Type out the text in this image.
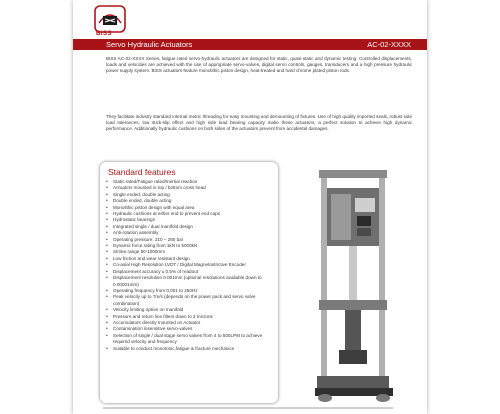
BISS
Servo Hydraulic Actuators	AC-02-XXXX
BISS AC-02-XXXX Series, fatigue rated servo-hydraulic actuators are designed for static, quasi-static and dynamic testing. Controlled displacements, loads and velocities are achieved with the use of appropriate servo-valves, digital servo controls, gauges, transducers and a high pressure hydraulic power supply system. BISS actuators feature monolithic piston design, heat-treated and hard chrome plated piston rods.
They facilitate industry standard internal metric threading for easy mounting and demounting of fixtures. Use of high quality imported seals, robust side load tolerances, low stick-slip effect and high side load bearing capacity make these actuators, a perfect solution to achieve high dynamic performance. Additionally hydraulic cushions on both sides of the actuators prevent from accidental damages.
Standard features
• Static rated/Fatigue rated/Inertial reaction
• Actuators mounted in top / bottom cross head
• Single ended, double acting
• Double ended, double acting
• Monolithic piston design with equal area
• Hydraulic cushions at either end to prevent end caps
• Hydrostatic bearings
• Integrated single / dual manifold design
• Anti-rotation assembly
• Operating pressure: 210 – 280 bar
• Dynamic force rating from 1kN to 5000kN
• Stroke range 50-1000mm
• Low friction and wear resistant design
• Co-axial High Resolution LVDT / Digital Magnetostrictive Encoder
• Displacement accuracy ± 0.5% of readout
• Displacement resolution 0.001mm (optional resolutions available down to 0.00001mm)
• Operating frequency from 0.001 to 250Hz
• Peak velocity up to 7m/s (depends on the power pack and servo valve combination)
• Velocity limiting option on manifold
• Pressure and return line filters down to 2 microns
• Accumulators directly mounted on Actuator
• Contamination insensitive servo-valves
• Selection of single / dual stage servo valves from 4 to 500LPM to achieve required velocity and frequency
• Suitable to conduct monotonic,fatigue & fracture mechanics
